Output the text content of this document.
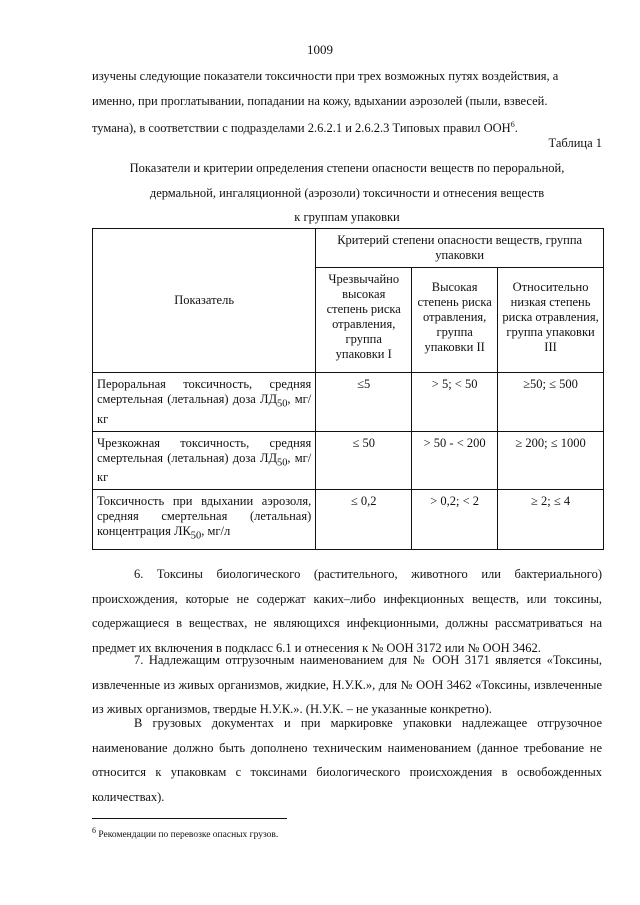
1009
изучены следующие показатели токсичности при трех возможных путях воздействия, а
именно, при проглатывании, попадании на кожу, вдыхании аэрозолей (пыли, взвесей.
тумана), в соответствии с подразделами 2.6.2.1 и 2.6.2.3 Типовых правил ООН$^6$.
Таблица 1
Показатели и критерии определения степени опасности веществ по пероральной,
дермальной, ингаляционной (аэрозоли) токсичности и отнесения веществ
к группам упаковки
Показатель	Критерий степени опасности веществ, группа упаковки		
	Чрезвычайно высокая степень риска отравления, группа упаковки I	Высокая степень риска отравления, группа упаковки II	Относительно низкая степень риска отравления, группа упаковки III
Пероральная токсичность, средняя смертельная (летальная) доза $ЛД_{50}$, мг/кг	≤5	> 5; < 50	≥50; ≤ 500
Чрезкожная токсичность, средняя смертельная (летальная) доза $ЛД_{50}$, мг/кг	≤ 50	> 50 - < 200	≥ 200; ≤ 1000
Токсичность при вдыхании аэрозоля, средняя смертельная (летальная) концентрация $ЛК_{50}$, мг/л	≤ 0,2	> 0,2; < 2	≥ 2; ≤ 4
6. Токсины биологического (растительного, животного или бактериального) происхождения, которые не содержат каких–либо инфекционных веществ, или токсины, содержащиеся в веществах, не являющихся инфекционными, должны рассматриваться на предмет их включения в подкласс 6.1 и отнесения к № ООН 3172 или № ООН 3462.
7. Надлежащим отгрузочным наименованием для № ООН 3171 является «Токсины, извлеченные из живых организмов, жидкие, Н.У.К.», для № ООН 3462 «Токсины, извлеченные из живых организмов, твердые Н.У.К.». (Н.У.К. – не указанные конкретно).
В грузовых документах и при маркировке упаковки надлежащее отгрузочное наименование должно быть дополнено техническим наименованием (данное требование не относится к упаковкам с токсинами биологического происхождения в освобожденных количествах).
$^6$ Рекомендации по перевозке опасных грузов.
